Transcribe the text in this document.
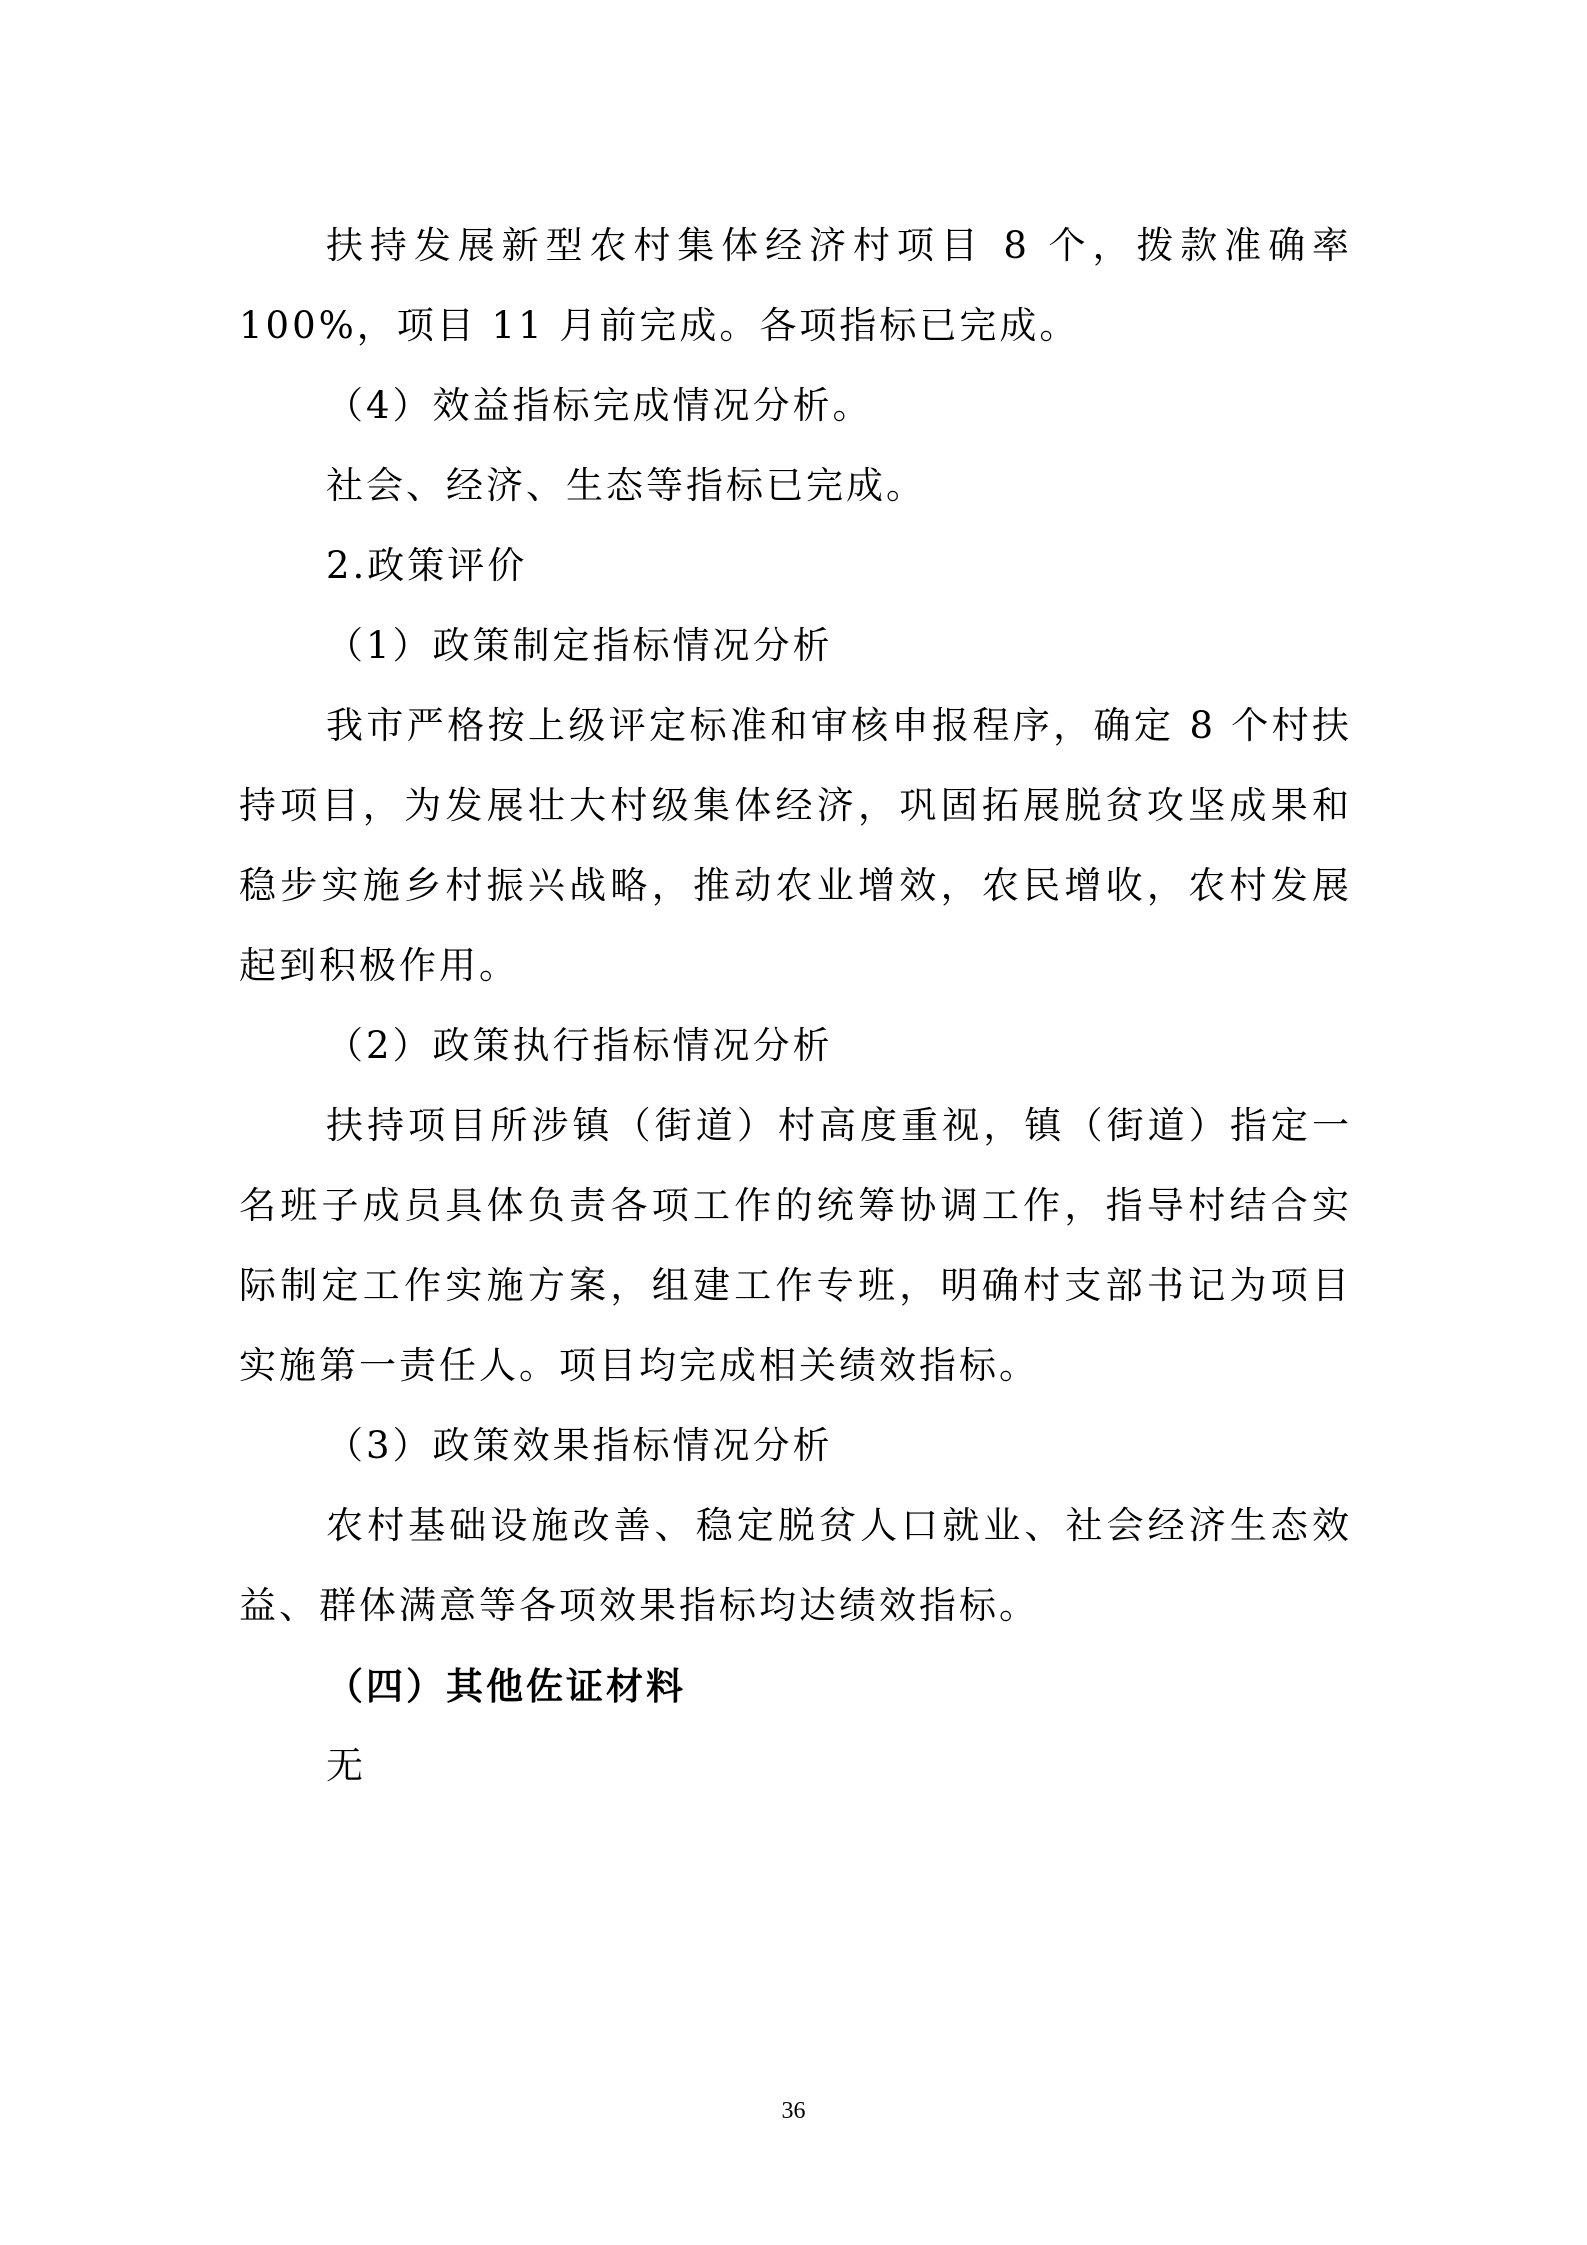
扶持发展新型农村集体经济村项目 8 个，拨款准确率 100%，项目 11 月前完成。各项指标已完成。

（4）效益指标完成情况分析。

社会、经济、生态等指标已完成。

2.政策评价

（1）政策制定指标情况分析

我市严格按上级评定标准和审核申报程序，确定 8 个村扶持项目，为发展壮大村级集体经济，巩固拓展脱贫攻坚成果和稳步实施乡村振兴战略，推动农业增效，农民增收，农村发展起到积极作用。

（2）政策执行指标情况分析

扶持项目所涉镇（街道）村高度重视，镇（街道）指定一名班子成员具体负责各项工作的统筹协调工作，指导村结合实际制定工作实施方案，组建工作专班，明确村支部书记为项目实施第一责任人。项目均完成相关绩效指标。

（3）政策效果指标情况分析

农村基础设施改善、稳定脱贫人口就业、社会经济生态效益、群体满意等各项效果指标均达绩效指标。

（四）其他佐证材料

无

36
